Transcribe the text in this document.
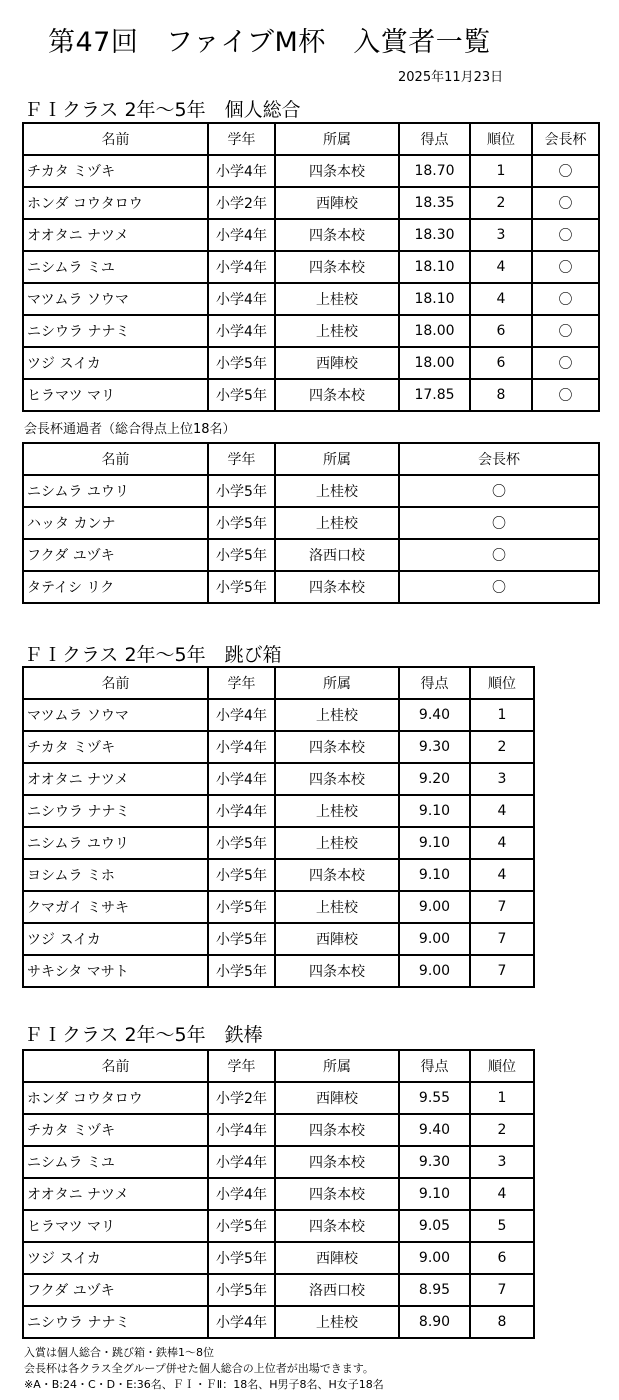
第47回　ファイブM杯　入賞者一覧
2025年11月23日
ＦＩクラス 2年〜5年　個人総合
名前	学年	所属	得点	順位	会長杯
チカタ ミヅキ	小学4年	四条本校	18.70	1	〇
ホンダ コウタロウ	小学2年	西陣校	18.35	2	〇
オオタニ ナツメ	小学4年	四条本校	18.30	3	〇
ニシムラ ミユ	小学4年	四条本校	18.10	4	〇
マツムラ ソウマ	小学4年	上桂校	18.10	4	〇
ニシウラ ナナミ	小学4年	上桂校	18.00	6	〇
ツジ スイカ	小学5年	西陣校	18.00	6	〇
ヒラマツ マリ	小学5年	四条本校	17.85	8	〇
会長杯通過者（総合得点上位18名）
名前	学年	所属	会長杯
ニシムラ ユウリ	小学5年	上桂校	〇
ハッタ カンナ	小学5年	上桂校	〇
フクダ ユヅキ	小学5年	洛西口校	〇
タテイシ リク	小学5年	四条本校	〇
ＦＩクラス 2年〜5年　跳び箱
名前	学年	所属	得点	順位
マツムラ ソウマ	小学4年	上桂校	9.40	1
チカタ ミヅキ	小学4年	四条本校	9.30	2
オオタニ ナツメ	小学4年	四条本校	9.20	3
ニシウラ ナナミ	小学4年	上桂校	9.10	4
ニシムラ ユウリ	小学5年	上桂校	9.10	4
ヨシムラ ミホ	小学5年	四条本校	9.10	4
クマガイ ミサキ	小学5年	上桂校	9.00	7
ツジ スイカ	小学5年	西陣校	9.00	7
サキシタ マサト	小学5年	四条本校	9.00	7
ＦＩクラス 2年〜5年　鉄棒
名前	学年	所属	得点	順位
ホンダ コウタロウ	小学2年	西陣校	9.55	1
チカタ ミヅキ	小学4年	四条本校	9.40	2
ニシムラ ミユ	小学4年	四条本校	9.30	3
オオタニ ナツメ	小学4年	四条本校	9.10	4
ヒラマツ マリ	小学5年	四条本校	9.05	5
ツジ スイカ	小学5年	西陣校	9.00	6
フクダ ユヅキ	小学5年	洛西口校	8.95	7
ニシウラ ナナミ	小学4年	上桂校	8.90	8
入賞は個人総合・跳び箱・鉄棒1〜8位
会長杯は各クラス全グループ併せた個人総合の上位者が出場できます。
※A・B:24・C・D・E:36名、ＦＩ・ＦⅡ：18名、H男子8名、H女子18名
